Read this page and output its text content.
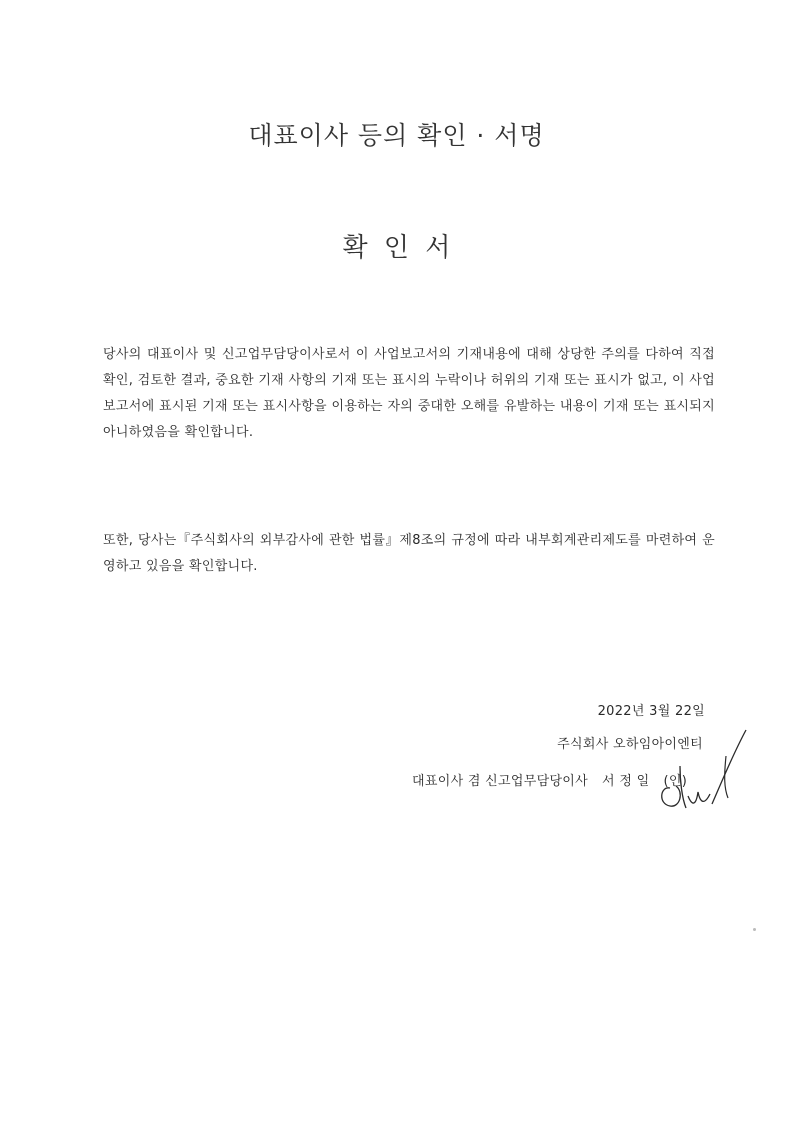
대표이사 등의 확인 · 서명
확 인 서

당사의 대표이사 및 신고업무담당이사로서 이 사업보고서의 기재내용에 대해 상당한 주의를 다하여 직접 확인, 검토한 결과, 중요한 기재 사항의 기재 또는 표시의 누락이나 허위의 기재 또는 표시가 없고, 이 사업보고서에 표시된 기재 또는 표시사항을 이용하는 자의 중대한 오해를 유발하는 내용이 기재 또는 표시되지 아니하였음을 확인합니다.

또한, 당사는『주식회사의 외부감사에 관한 법률』제8조의 규정에 따라 내부회계관리제도를 마련하여 운영하고 있음을 확인합니다.

2022년 3월 22일
주식회사 오하임아이엔티
대표이사 겸 신고업무담당이사 서 정 일 (인)
